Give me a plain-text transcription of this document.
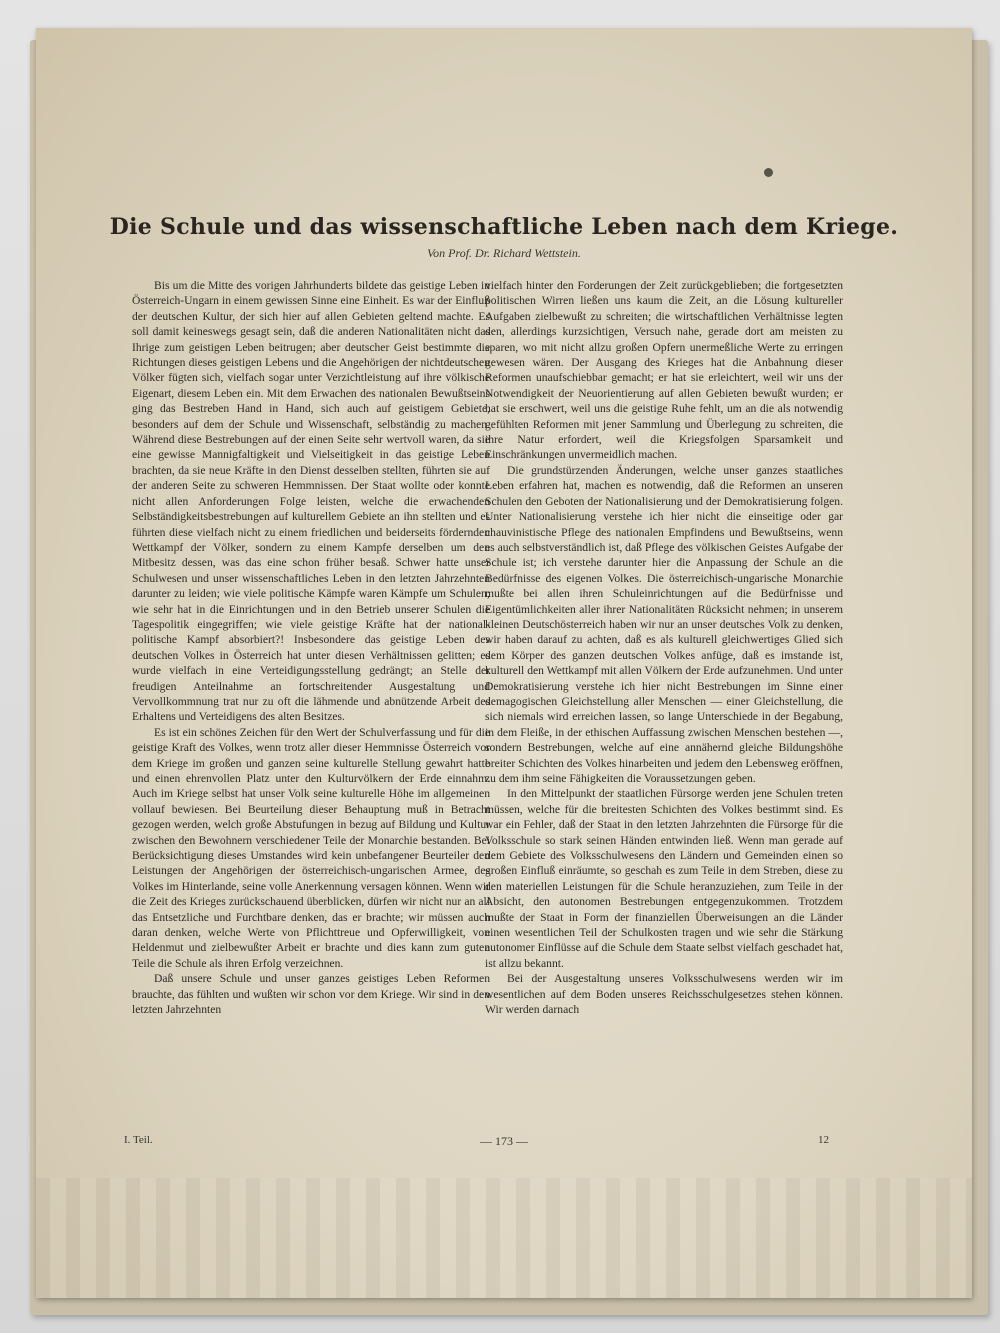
Die Schule und das wissenschaftliche Leben nach dem Kriege.
Von Prof. Dr. Richard Wettstein.

Bis um die Mitte des vorigen Jahrhunderts bildete das geistige Leben in Österreich-Ungarn in einem gewissen Sinne eine Einheit. Es war der Einfluß der deutschen Kultur, der sich hier auf allen Gebieten geltend machte. Es soll damit keineswegs gesagt sein, daß die anderen Nationalitäten nicht das Ihrige zum geistigen Leben beitrugen; aber deutscher Geist bestimmte die Richtungen dieses geistigen Lebens und die Angehörigen der nichtdeutschen Völker fügten sich, vielfach sogar unter Verzichtleistung auf ihre völkische Eigenart, diesem Leben ein. Mit dem Erwachen des nationalen Bewußtseins ging das Bestreben Hand in Hand, sich auch auf geistigem Gebiete, besonders auf dem der Schule und Wissenschaft, selbständig zu machen. Während diese Bestrebungen auf der einen Seite sehr wertvoll waren, da sie eine gewisse Mannigfaltigkeit und Vielseitigkeit in das geistige Leben brachten, da sie neue Kräfte in den Dienst desselben stellten, führten sie auf der anderen Seite zu schweren Hemmnissen. Der Staat wollte oder konnte nicht allen Anforderungen Folge leisten, welche die erwachenden Selbständigkeitsbestrebungen auf kulturellem Gebiete an ihn stellten und es führten diese vielfach nicht zu einem friedlichen und beiderseits fördernden Wettkampf der Völker, sondern zu einem Kampfe derselben um den Mitbesitz dessen, was das eine schon früher besaß. Schwer hatte unser Schulwesen und unser wissenschaftliches Leben in den letzten Jahrzehnten darunter zu leiden; wie viele politische Kämpfe waren Kämpfe um Schulen; wie sehr hat in die Einrichtungen und in den Betrieb unserer Schulen die Tagespolitik eingegriffen; wie viele geistige Kräfte hat der national-politische Kampf absorbiert?! Insbesondere das geistige Leben des deutschen Volkes in Österreich hat unter diesen Verhältnissen gelitten; es wurde vielfach in eine Verteidigungsstellung gedrängt; an Stelle der freudigen Anteilnahme an fortschreitender Ausgestaltung und Vervollkommnung trat nur zu oft die lähmende und abnützende Arbeit des Erhaltens und Verteidigens des alten Besitzes.

Es ist ein schönes Zeichen für den Wert der Schulverfassung und für die geistige Kraft des Volkes, wenn trotz aller dieser Hemmnisse Österreich vor dem Kriege im großen und ganzen seine kulturelle Stellung gewahrt hatte und einen ehrenvollen Platz unter den Kulturvölkern der Erde einnahm. Auch im Kriege selbst hat unser Volk seine kulturelle Höhe im allgemeinen vollauf bewiesen. Bei Beurteilung dieser Behauptung muß in Betracht gezogen werden, welch große Abstufungen in bezug auf Bildung und Kultur zwischen den Bewohnern verschiedener Teile der Monarchie bestanden. Bei Berücksichtigung dieses Umstandes wird kein unbefangener Beurteiler den Leistungen der Angehörigen der österreichisch-ungarischen Armee, des Volkes im Hinterlande, seine volle Anerkennung versagen können. Wenn wir die Zeit des Krieges zurückschauend überblicken, dürfen wir nicht nur an all das Entsetzliche und Furchtbare denken, das er brachte; wir müssen auch daran denken, welche Werte von Pflichttreue und Opferwilligkeit, von Heldenmut und zielbewußter Arbeit er brachte und dies kann zum guten Teile die Schule als ihren Erfolg verzeichnen.

Daß unsere Schule und unser ganzes geistiges Leben Reformen brauchte, das fühlten und wußten wir schon vor dem Kriege. Wir sind in den letzten Jahrzehnten

vielfach hinter den Forderungen der Zeit zurückgeblieben; die fortgesetzten politischen Wirren ließen uns kaum die Zeit, an die Lösung kultureller Aufgaben zielbewußt zu schreiten; die wirtschaftlichen Verhältnisse legten den, allerdings kurzsichtigen, Versuch nahe, gerade dort am meisten zu sparen, wo mit nicht allzu großen Opfern unermeßliche Werte zu erringen gewesen wären. Der Ausgang des Krieges hat die Anbahnung dieser Reformen unaufschiebbar gemacht; er hat sie erleichtert, weil wir uns der Notwendigkeit der Neuorientierung auf allen Gebieten bewußt wurden; er hat sie erschwert, weil uns die geistige Ruhe fehlt, um an die als notwendig gefühlten Reformen mit jener Sammlung und Überlegung zu schreiten, die ihre Natur erfordert, weil die Kriegsfolgen Sparsamkeit und Einschränkungen unvermeidlich machen.

Die grundstürzenden Änderungen, welche unser ganzes staatliches Leben erfahren hat, machen es notwendig, daß die Reformen an unseren Schulen den Geboten der Nationalisierung und der Demokratisierung folgen. Unter Nationalisierung verstehe ich hier nicht die einseitige oder gar chauvinistische Pflege des nationalen Empfindens und Bewußtseins, wenn es auch selbstverständlich ist, daß Pflege des völkischen Geistes Aufgabe der Schule ist; ich verstehe darunter hier die Anpassung der Schule an die Bedürfnisse des eigenen Volkes. Die österreichisch-ungarische Monarchie mußte bei allen ihren Schuleinrichtungen auf die Bedürfnisse und Eigentümlichkeiten aller ihrer Nationalitäten Rücksicht nehmen; in unserem kleinen Deutschösterreich haben wir nur an unser deutsches Volk zu denken, wir haben darauf zu achten, daß es als kulturell gleichwertiges Glied sich dem Körper des ganzen deutschen Volkes anfüge, daß es imstande ist, kulturell den Wettkampf mit allen Völkern der Erde aufzunehmen. Und unter Demokratisierung verstehe ich hier nicht Bestrebungen im Sinne einer demagogischen Gleichstellung aller Menschen — einer Gleichstellung, die sich niemals wird erreichen lassen, so lange Unterschiede in der Begabung, in dem Fleiße, in der ethischen Auffassung zwischen Menschen bestehen —, sondern Bestrebungen, welche auf eine annähernd gleiche Bildungshöhe breiter Schichten des Volkes hinarbeiten und jedem den Lebensweg eröffnen, zu dem ihm seine Fähigkeiten die Voraussetzungen geben.

In den Mittelpunkt der staatlichen Fürsorge werden jene Schulen treten müssen, welche für die breitesten Schichten des Volkes bestimmt sind. Es war ein Fehler, daß der Staat in den letzten Jahrzehnten die Fürsorge für die Volksschule so stark seinen Händen entwinden ließ. Wenn man gerade auf dem Gebiete des Volksschulwesens den Ländern und Gemeinden einen so großen Einfluß einräumte, so geschah es zum Teile in dem Streben, diese zu den materiellen Leistungen für die Schule heranzuziehen, zum Teile in der Absicht, den autonomen Bestrebungen entgegenzukommen. Trotzdem mußte der Staat in Form der finanziellen Überweisungen an die Länder einen wesentlichen Teil der Schulkosten tragen und wie sehr die Stärkung autonomer Einflüsse auf die Schule dem Staate selbst vielfach geschadet hat, ist allzu bekannt.

Bei der Ausgestaltung unseres Volksschulwesens werden wir im wesentlichen auf dem Boden unseres Reichsschulgesetzes stehen können. Wir werden darnach

I. Teil.	— 173 —	12
